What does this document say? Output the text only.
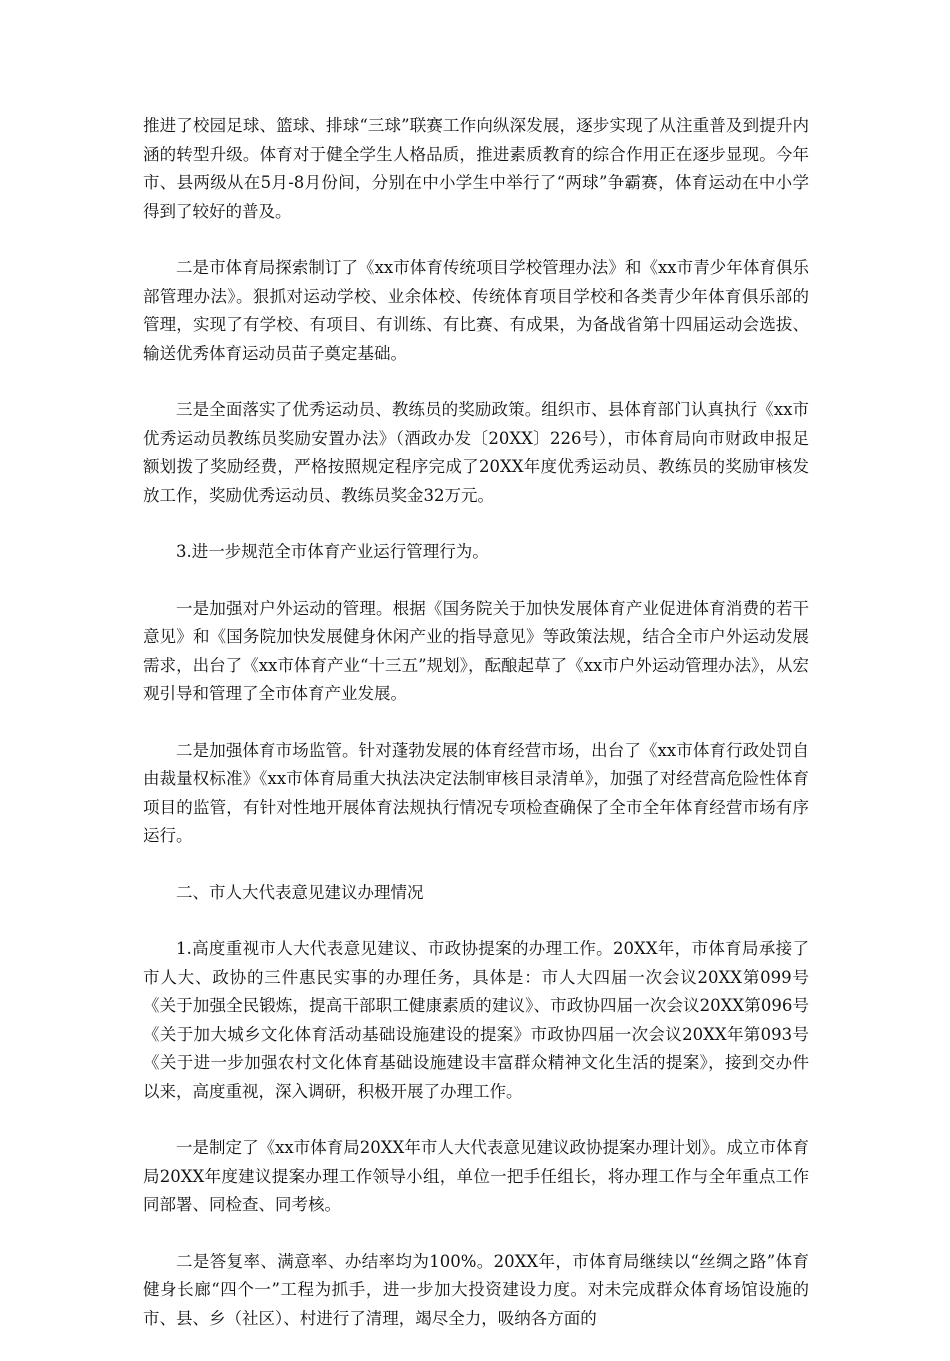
推进了校园足球、篮球、排球“三球”联赛工作向纵深发展，逐步实现了从注重普及到提升内涵的转型升级。体育对于健全学生人格品质，推进素质教育的综合作用正在逐步显现。今年市、县两级从在5月-8月份间，分别在中小学生中举行了“两球”争霸赛，体育运动在中小学得到了较好的普及。

二是市体育局探索制订了《xx市体育传统项目学校管理办法》和《xx市青少年体育俱乐部管理办法》。狠抓对运动学校、业余体校、传统体育项目学校和各类青少年体育俱乐部的管理，实现了有学校、有项目、有训练、有比赛、有成果，为备战省第十四届运动会选拔、输送优秀体育运动员苗子奠定基础。

三是全面落实了优秀运动员、教练员的奖励政策。组织市、县体育部门认真执行《xx市优秀运动员教练员奖励安置办法》（酒政办发〔20XX〕226号），市体育局向市财政申报足额划拨了奖励经费，严格按照规定程序完成了20XX年度优秀运动员、教练员的奖励审核发放工作，奖励优秀运动员、教练员奖金32万元。

3.进一步规范全市体育产业运行管理行为。

一是加强对户外运动的管理。根据《国务院关于加快发展体育产业促进体育消费的若干意见》和《国务院加快发展健身休闲产业的指导意见》等政策法规，结合全市户外运动发展需求，出台了《xx市体育产业“十三五”规划》，酝酿起草了《xx市户外运动管理办法》，从宏观引导和管理了全市体育产业发展。

二是加强体育市场监管。针对蓬勃发展的体育经营市场，出台了《xx市体育行政处罚自由裁量权标准》《xx市体育局重大执法决定法制审核目录清单》，加强了对经营高危险性体育项目的监管，有针对性地开展体育法规执行情况专项检查确保了全市全年体育经营市场有序运行。

二、市人大代表意见建议办理情况

1.高度重视市人大代表意见建议、市政协提案的办理工作。20XX年，市体育局承接了市人大、政协的三件惠民实事的办理任务，具体是：市人大四届一次会议20XX第099号《关于加强全民锻炼，提高干部职工健康素质的建议》、市政协四届一次会议20XX第096号《关于加大城乡文化体育活动基础设施建设的提案》市政协四届一次会议20XX年第093号《关于进一步加强农村文化体育基础设施建设丰富群众精神文化生活的提案》，接到交办件以来，高度重视，深入调研，积极开展了办理工作。

一是制定了《xx市体育局20XX年市人大代表意见建议政协提案办理计划》。成立市体育局20XX年度建议提案办理工作领导小组，单位一把手任组长，将办理工作与全年重点工作同部署、同检查、同考核。

二是答复率、满意率、办结率均为100%。20XX年，市体育局继续以“丝绸之路”体育健身长廊“四个一”工程为抓手，进一步加大投资建设力度。对未完成群众体育场馆设施的市、县、乡（社区）、村进行了清理，竭尽全力，吸纳各方面的
